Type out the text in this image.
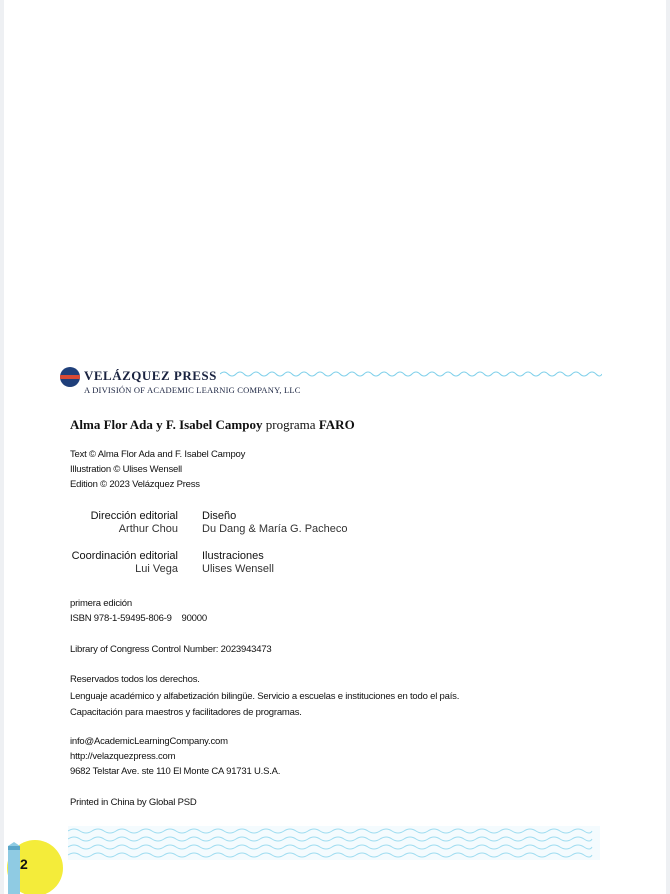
VELÁZQUEZ PRESS
A DIVISIÓN OF ACADEMIC LEARNIG COMPANY, LLC
Alma Flor Ada y F. Isabel Campoy programa FARO
Text © Alma Flor Ada and F. Isabel Campoy
Illustration © Ulises Wensell
Edition © 2023 Velázquez Press
Dirección editorial
Arthur Chou
Diseño
Du Dang & María G. Pacheco
Coordinación editorial
Lui Vega
Ilustraciones
Ulises Wensell
primera edición
ISBN 978-1-59495-806-9    90000
Library of Congress Control Number: 2023943473
Reservados todos los derechos.
Lenguaje académico y alfabetización bilingüe. Servicio a escuelas e instituciones en todo el país.
Capacitación para maestros y facilitadores de programas.
info@AcademicLearningCompany.com
http://velazquezpress.com
9682 Telstar Ave. ste 110 El Monte CA 91731 U.S.A.
Printed in China by Global PSD
2
